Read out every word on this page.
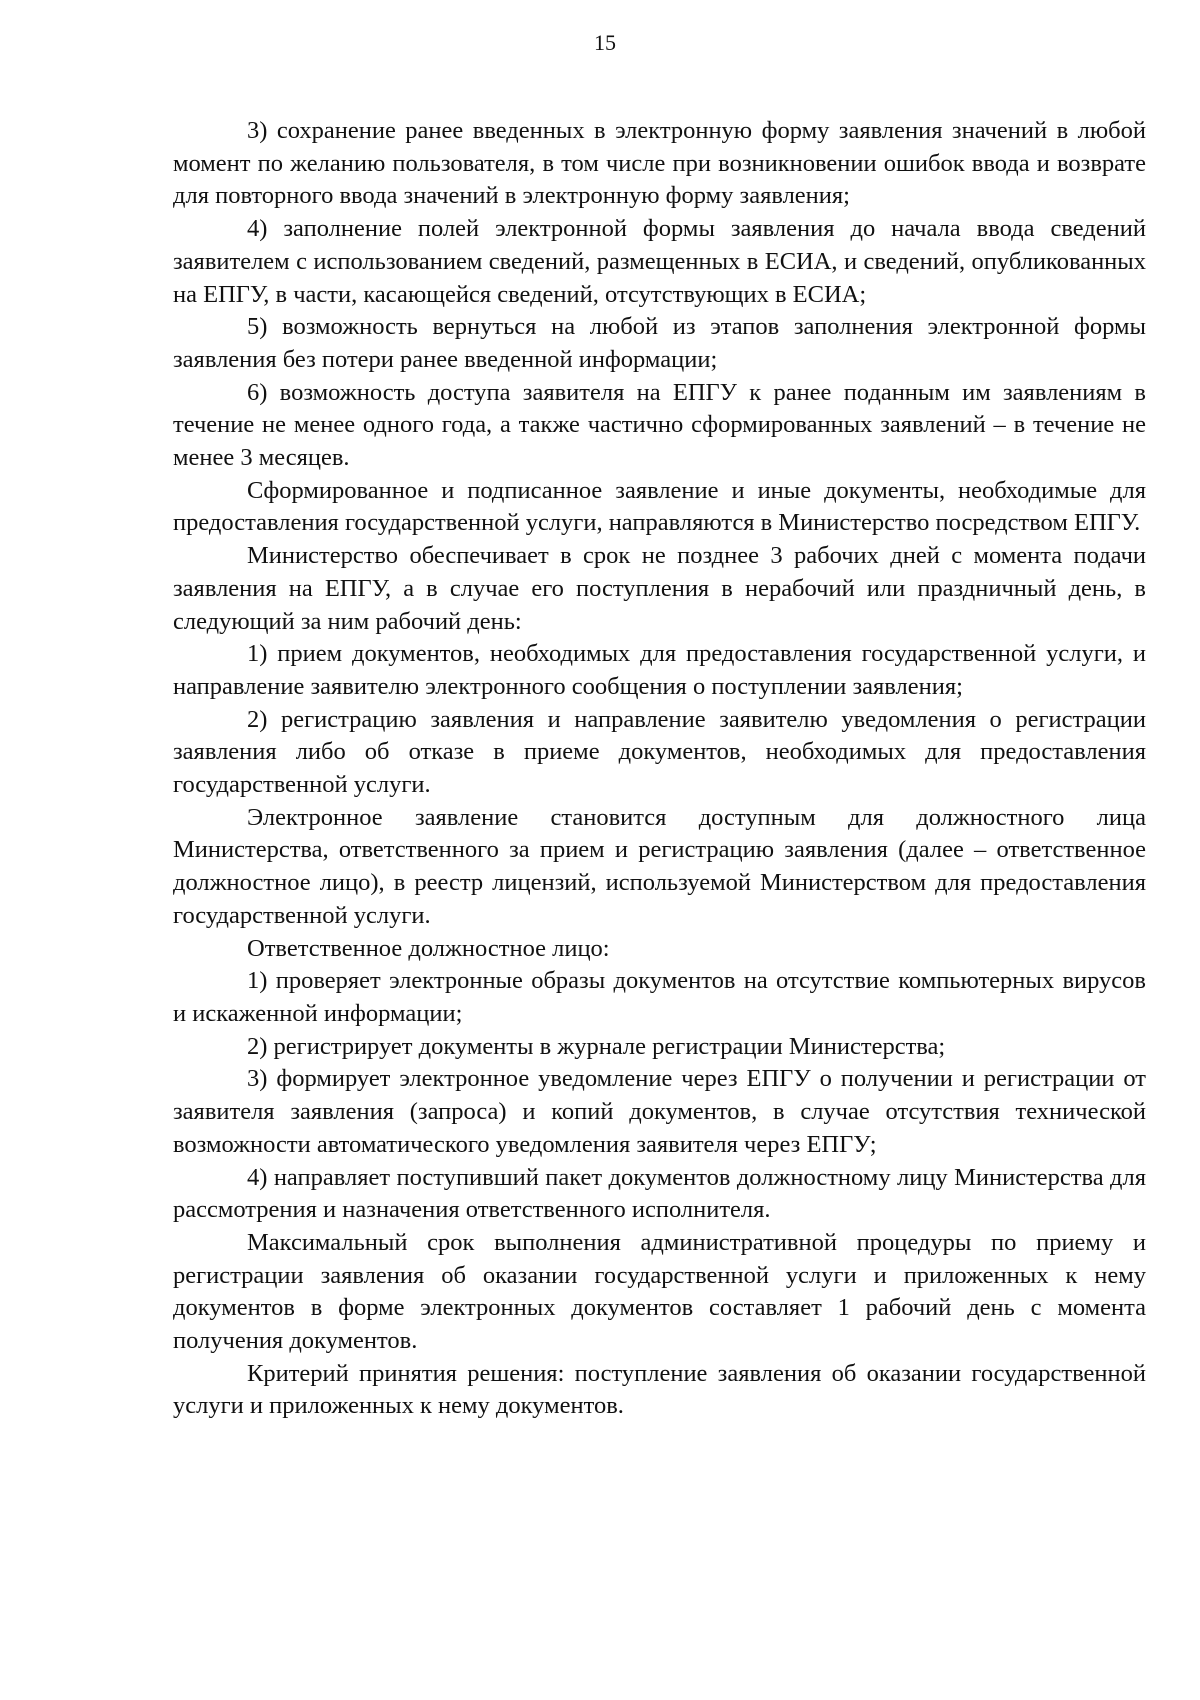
15

3) сохранение ранее введенных в электронную форму заявления значений в любой момент по желанию пользователя, в том числе при возникновении ошибок ввода и возврате для повторного ввода значений в электронную форму заявления;

4) заполнение полей электронной формы заявления до начала ввода сведений заявителем с использованием сведений, размещенных в ЕСИА, и сведений, опубликованных на ЕПГУ, в части, касающейся сведений, отсутствующих в ЕСИА;

5) возможность вернуться на любой из этапов заполнения электронной формы заявления без потери ранее введенной информации;

6) возможность доступа заявителя на ЕПГУ к ранее поданным им заявлениям в течение не менее одного года, а также частично сформированных заявлений – в течение не менее 3 месяцев.

Сформированное и подписанное заявление и иные документы, необходимые для предоставления государственной услуги, направляются в Министерство посредством ЕПГУ.

Министерство обеспечивает в срок не позднее 3 рабочих дней с момента подачи заявления на ЕПГУ, а в случае его поступления в нерабочий или праздничный день, в следующий за ним рабочий день:

1) прием документов, необходимых для предоставления государственной услуги, и направление заявителю электронного сообщения о поступлении заявления;

2) регистрацию заявления и направление заявителю уведомления о регистрации заявления либо об отказе в приеме документов, необходимых для предоставления государственной услуги.

Электронное заявление становится доступным для должностного лица Министерства, ответственного за прием и регистрацию заявления (далее – ответственное должностное лицо), в реестр лицензий, используемой Министерством для предоставления государственной услуги.

Ответственное должностное лицо:

1) проверяет электронные образы документов на отсутствие компьютерных вирусов и искаженной информации;

2) регистрирует документы в журнале регистрации Министерства;

3) формирует электронное уведомление через ЕПГУ о получении и регистрации от заявителя заявления (запроса) и копий документов, в случае отсутствия технической возможности автоматического уведомления заявителя через ЕПГУ;

4) направляет поступивший пакет документов должностному лицу Министерства для рассмотрения и назначения ответственного исполнителя.

Максимальный срок выполнения административной процедуры по приему и регистрации заявления об оказании государственной услуги и приложенных к нему документов в форме электронных документов составляет 1 рабочий день с момента получения документов.

Критерий принятия решения: поступление заявления об оказании государственной услуги и приложенных к нему документов.
